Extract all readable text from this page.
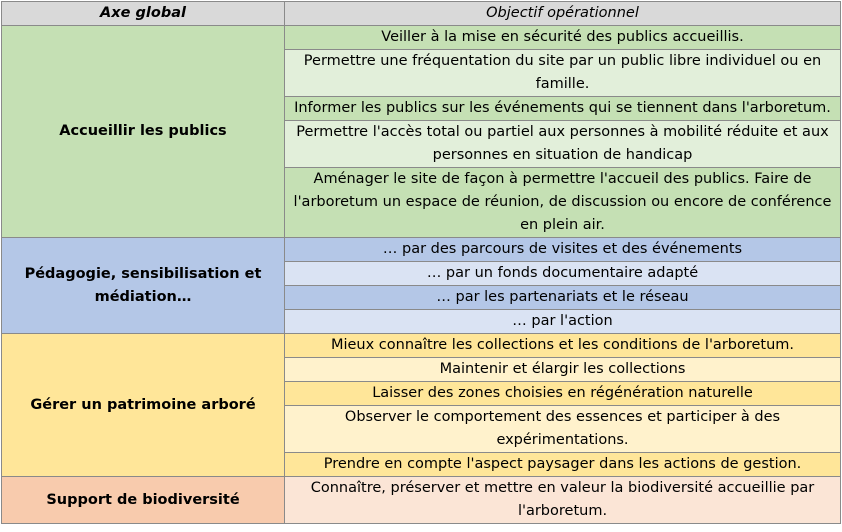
Axe global	Objectif opérationnel
Accueillir les publics	Veiller à la mise en sécurité des publics accueillis.
	Permettre une fréquentation du site par un public libre individuel ou en famille.
	Informer les publics sur les événements qui se tiennent dans l'arboretum.
	Permettre l'accès total ou partiel aux personnes à mobilité réduite et aux personnes en situation de handicap
	Aménager le site de façon à permettre l'accueil des publics. Faire de l'arboretum un espace de réunion, de discussion ou encore de conférence en plein air.
Pédagogie, sensibilisation et médiation…	… par des parcours de visites et des événements
	… par un fonds documentaire adapté
	… par les partenariats et le réseau
	… par l'action
Gérer un patrimoine arboré	Mieux connaître les collections et les conditions de l'arboretum.
	Maintenir et élargir les collections
	Laisser des zones choisies en régénération naturelle
	Observer le comportement des essences et participer à des expérimentations.
	Prendre en compte l'aspect paysager dans les actions de gestion.
Support de biodiversité	Connaître, préserver et mettre en valeur la biodiversité accueillie par l'arboretum.
